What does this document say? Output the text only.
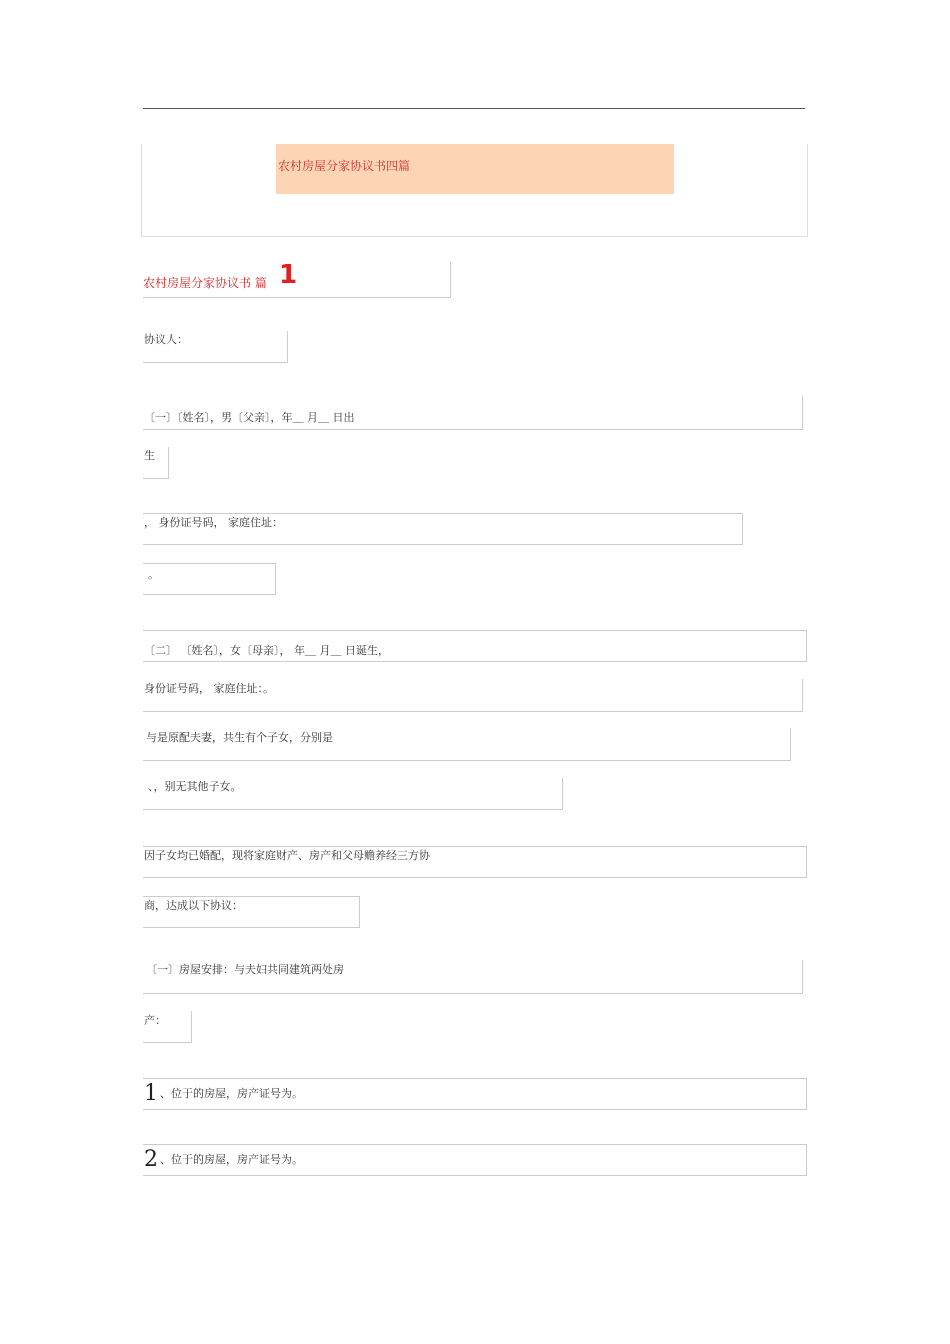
农村房屋分家协议书四篇
农村房屋分家协议书 篇 1
协议人：
〔一〕〔姓名〕，男〔父亲〕，年＿ 月＿ 日出
生
， 身份证号码， 家庭住址：
。
〔二〕 〔姓名〕，女〔母亲〕， 年＿ 月＿ 日诞生，
身份证号码， 家庭住址：。
与是原配夫妻，共生有个子女，分别是
、，别无其他子女。
因子女均已婚配，现将家庭财产、房产和父母赡养经三方协
商，达成以下协议：
〔一〕房屋安排：与夫妇共同建筑两处房
产：
1 、位于的房屋，房产证号为。
2 、位于的房屋，房产证号为。
